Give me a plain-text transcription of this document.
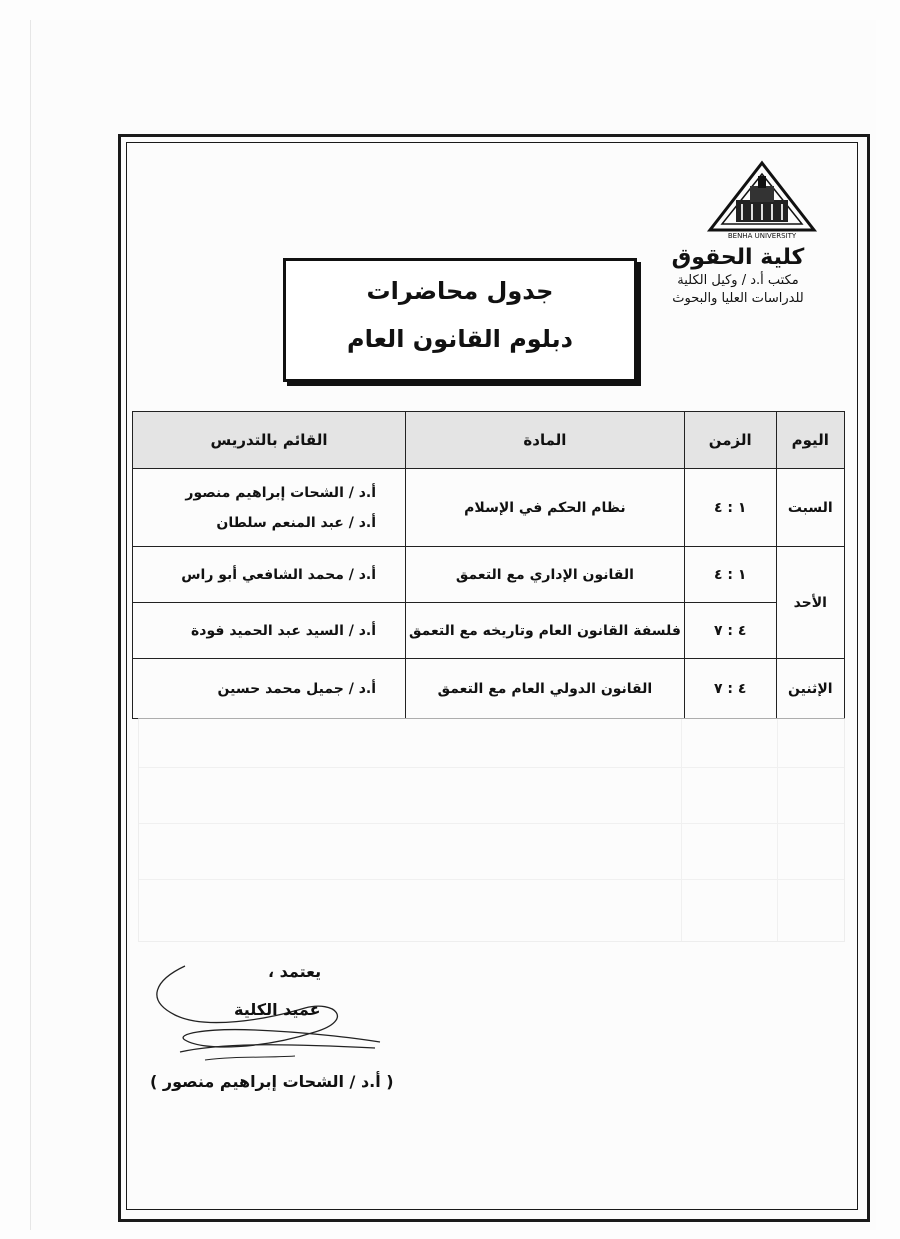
BENHA UNIVERSITY
كلية الحقوق
مكتب أ.د / وكيل الكلية
للدراسات العليا والبحوث
جدول محاضرات
دبلوم القانون العام
اليوم	الزمن	المادة	القائم بالتدريس
السبت	١ : ٤	نظام الحكم في الإسلام	أ.د / الشحات إبراهيم منصور
أ.د / عبد المنعم سلطان

الأحد	١ : ٤	القانون الإداري مع التعمق	أ.د / محمد الشافعي أبو راس

	٤ : ٧	فلسفة القانون العام وتاريخه مع التعمق	أ.د / السيد عبد الحميد فودة

الإثنين	٤ : ٧	القانون الدولي العام مع التعمق	أ.د / جميل محمد حسين
يعتمد ،
عميد الكلية
( أ.د / الشحات إبراهيم منصور )
